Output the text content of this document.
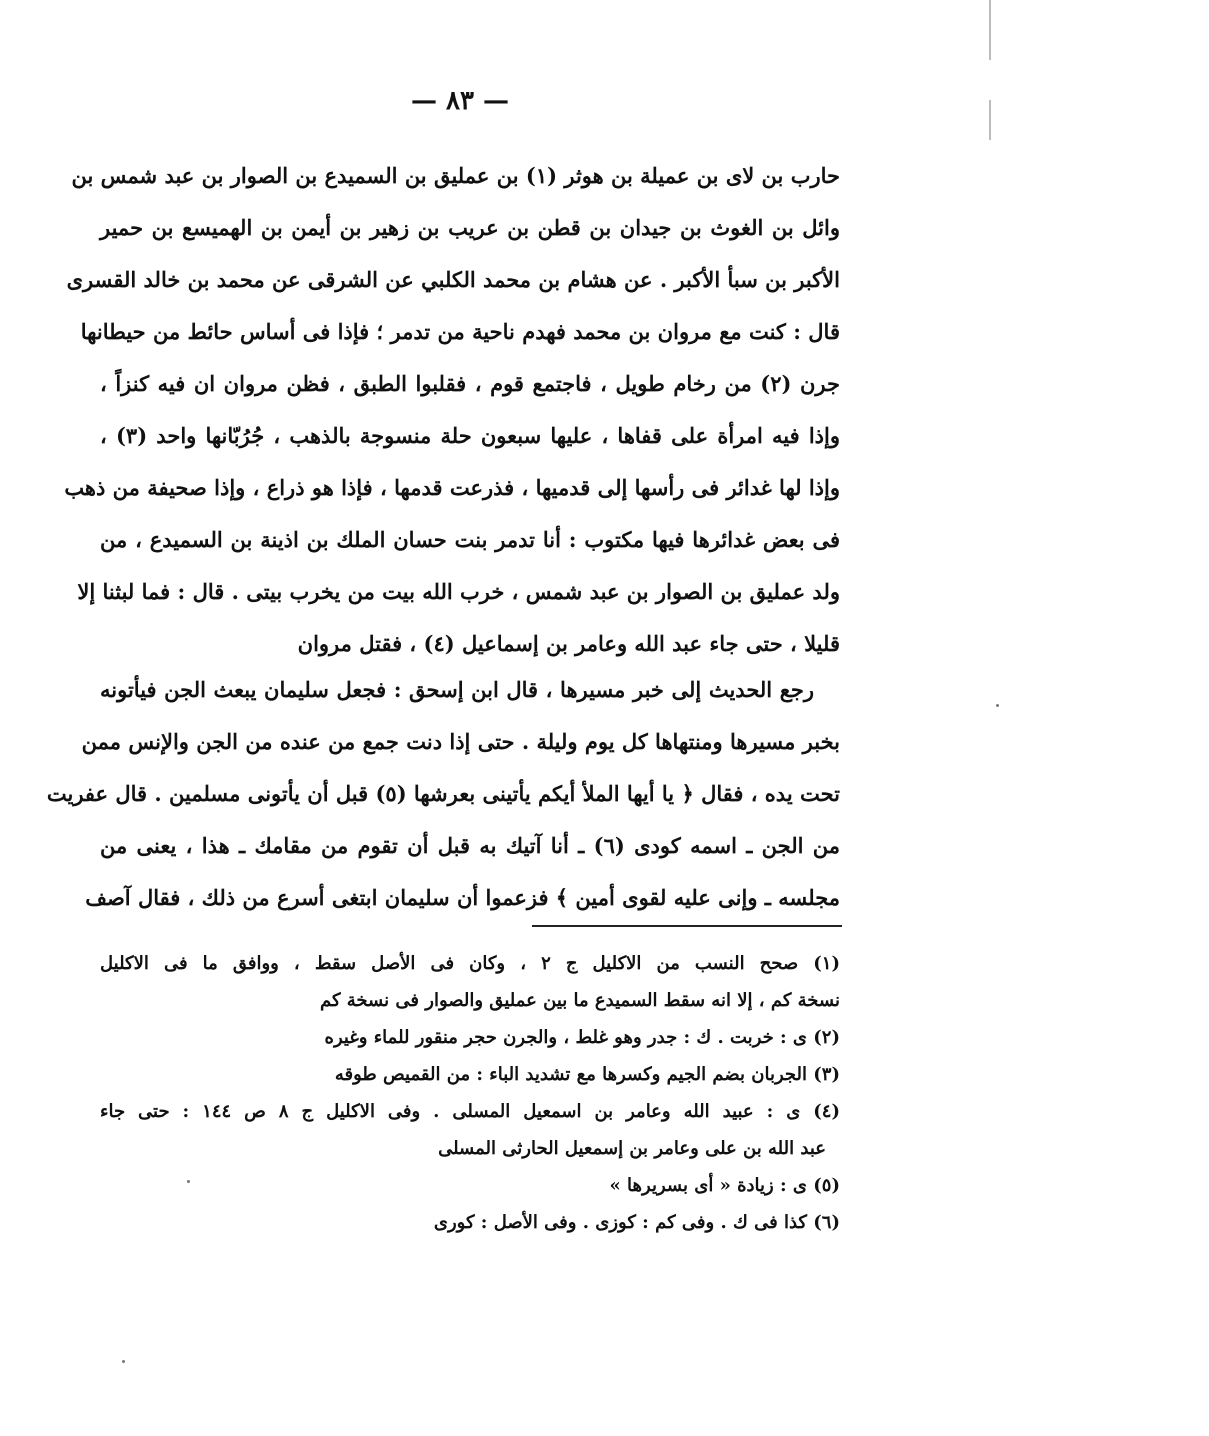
— ٨٣ —
حارب بن لاى بن عميلة بن هوثر (١) بن عمليق بن السميدع بن الصوار بن عبد شمس بن
وائل بن الغوث بن جيدان بن قطن بن عريب بن زهير بن أيمن بن الهميسع بن حمير
الأكبر بن سبأ الأكبر . عن هشام بن محمد الكلبي عن الشرقى عن محمد بن خالد القسرى
قال : كنت مع مروان بن محمد فهدم ناحية من تدمر ؛ فإذا فى أساس حائط من حيطانها
جرن (٢) من رخام طويل ، فاجتمع قوم ، فقلبوا الطبق ، فظن مروان ان فيه كنزاً ،
وإذا فيه امرأة على قفاها ، عليها سبعون حلة منسوجة بالذهب ، جُرُبّانها واحد (٣) ،
وإذا لها غدائر فى رأسها إلى قدميها ، فذرعت قدمها ، فإذا هو ذراع ، وإذا صحيفة من ذهب
فى بعض غدائرها فيها مكتوب : أنا تدمر بنت حسان الملك بن اذينة بن السميدع ، من
ولد عمليق بن الصوار بن عبد شمس ، خرب الله بيت من يخرب بيتى . قال : فما لبثنا إلا
قليلا ، حتى جاء عبد الله وعامر بن إسماعيل (٤) ، فقتل مروان
رجع الحديث إلى خبر مسيرها ، قال ابن إسحق : فجعل سليمان يبعث الجن فيأتونه
بخبر مسيرها ومنتهاها كل يوم وليلة . حتى إذا دنت جمع من عنده من الجن والإنس ممن
تحت يده ، فقال ﴿ يا أيها الملأ أيكم يأتينى بعرشها (٥) قبل أن يأتونى مسلمين . قال عفريت
من الجن ـ اسمه كودى (٦) ـ أنا آتيك به قبل أن تقوم من مقامك ـ هذا ، يعنى من
مجلسه ـ وإنى عليه لقوى أمين ﴾ فزعموا أن سليمان ابتغى أسرع من ذلك ، فقال آصف
(١) صحح النسب من الاكليل ج ٢ ، وكان فى الأصل سقط ، ووافق ما فى الاكليل
نسخة كم ، إلا انه سقط السميدع ما بين عمليق والصوار فى نسخة كم
(٢) ى : خربت . ك : جدر وهو غلط ، والجرن حجر منقور للماء وغيره
(٣) الجربان بضم الجيم وكسرها مع تشديد الباء : من القميص طوقه
(٤) ى : عبيد الله وعامر بن اسمعيل المسلى . وفى الاكليل ج ٨ ص ١٤٤ : حتى جاء
عبد الله بن على وعامر بن إسمعيل الحارثى المسلى
(٥) ى : زيادة « أى بسريرها »
(٦) كذا فى ك . وفى كم : كوزى . وفى الأصل : كورى
